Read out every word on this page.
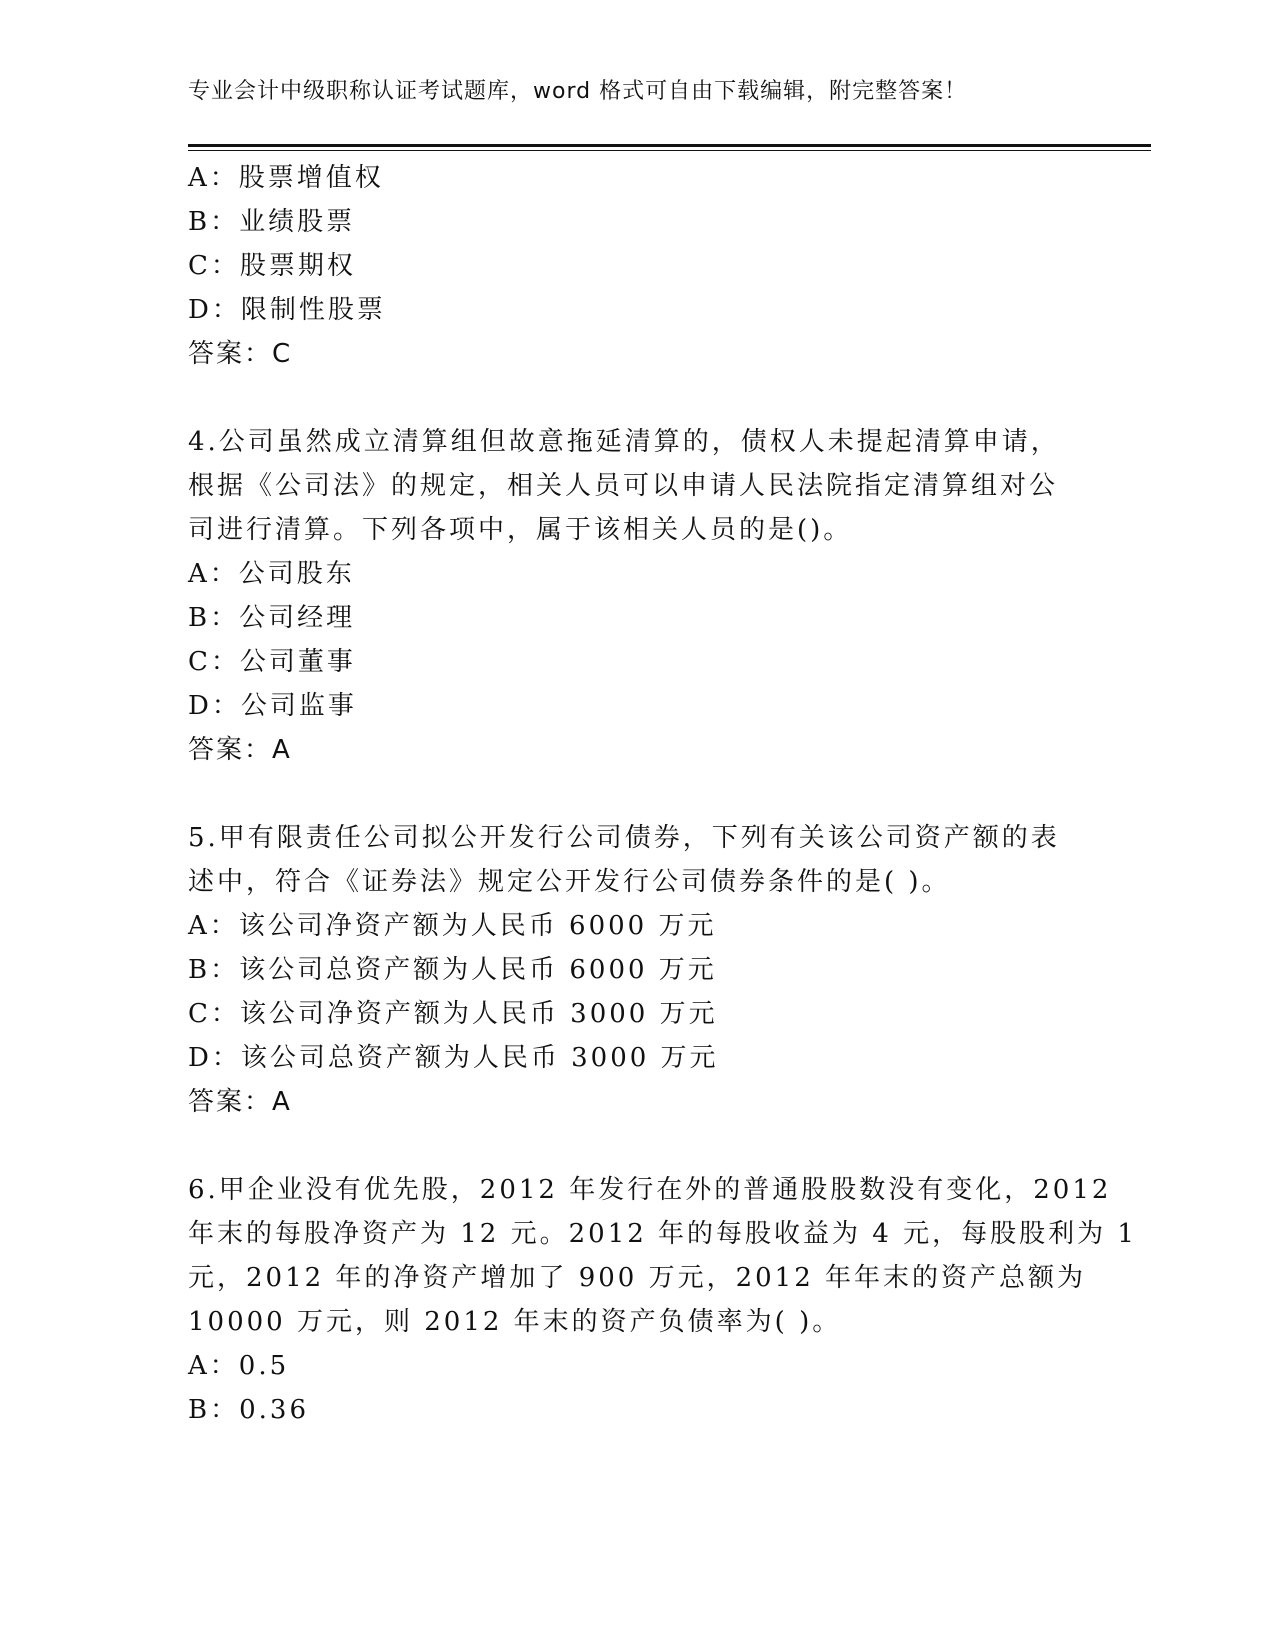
专业会计中级职称认证考试题库，word 格式可自由下载编辑，附完整答案！
A：股票增值权
B：业绩股票
C：股票期权
D：限制性股票
答案：C
4.公司虽然成立清算组但故意拖延清算的，债权人未提起清算申请，
根据《公司法》的规定，相关人员可以申请人民法院指定清算组对公
司进行清算。下列各项中，属于该相关人员的是()。
A：公司股东
B：公司经理
C：公司董事
D：公司监事
答案：A
5.甲有限责任公司拟公开发行公司债券，下列有关该公司资产额的表
述中，符合《证券法》规定公开发行公司债券条件的是( )。
A：该公司净资产额为人民币 6000 万元
B：该公司总资产额为人民币 6000 万元
C：该公司净资产额为人民币 3000 万元
D：该公司总资产额为人民币 3000 万元
答案：A
6.甲企业没有优先股，2012 年发行在外的普通股股数没有变化，2012
年末的每股净资产为 12 元。2012 年的每股收益为 4 元，每股股利为 1
元，2012 年的净资产增加了 900 万元，2012 年年末的资产总额为
10000 万元，则 2012 年末的资产负债率为( )。
A：0.5
B：0.36
